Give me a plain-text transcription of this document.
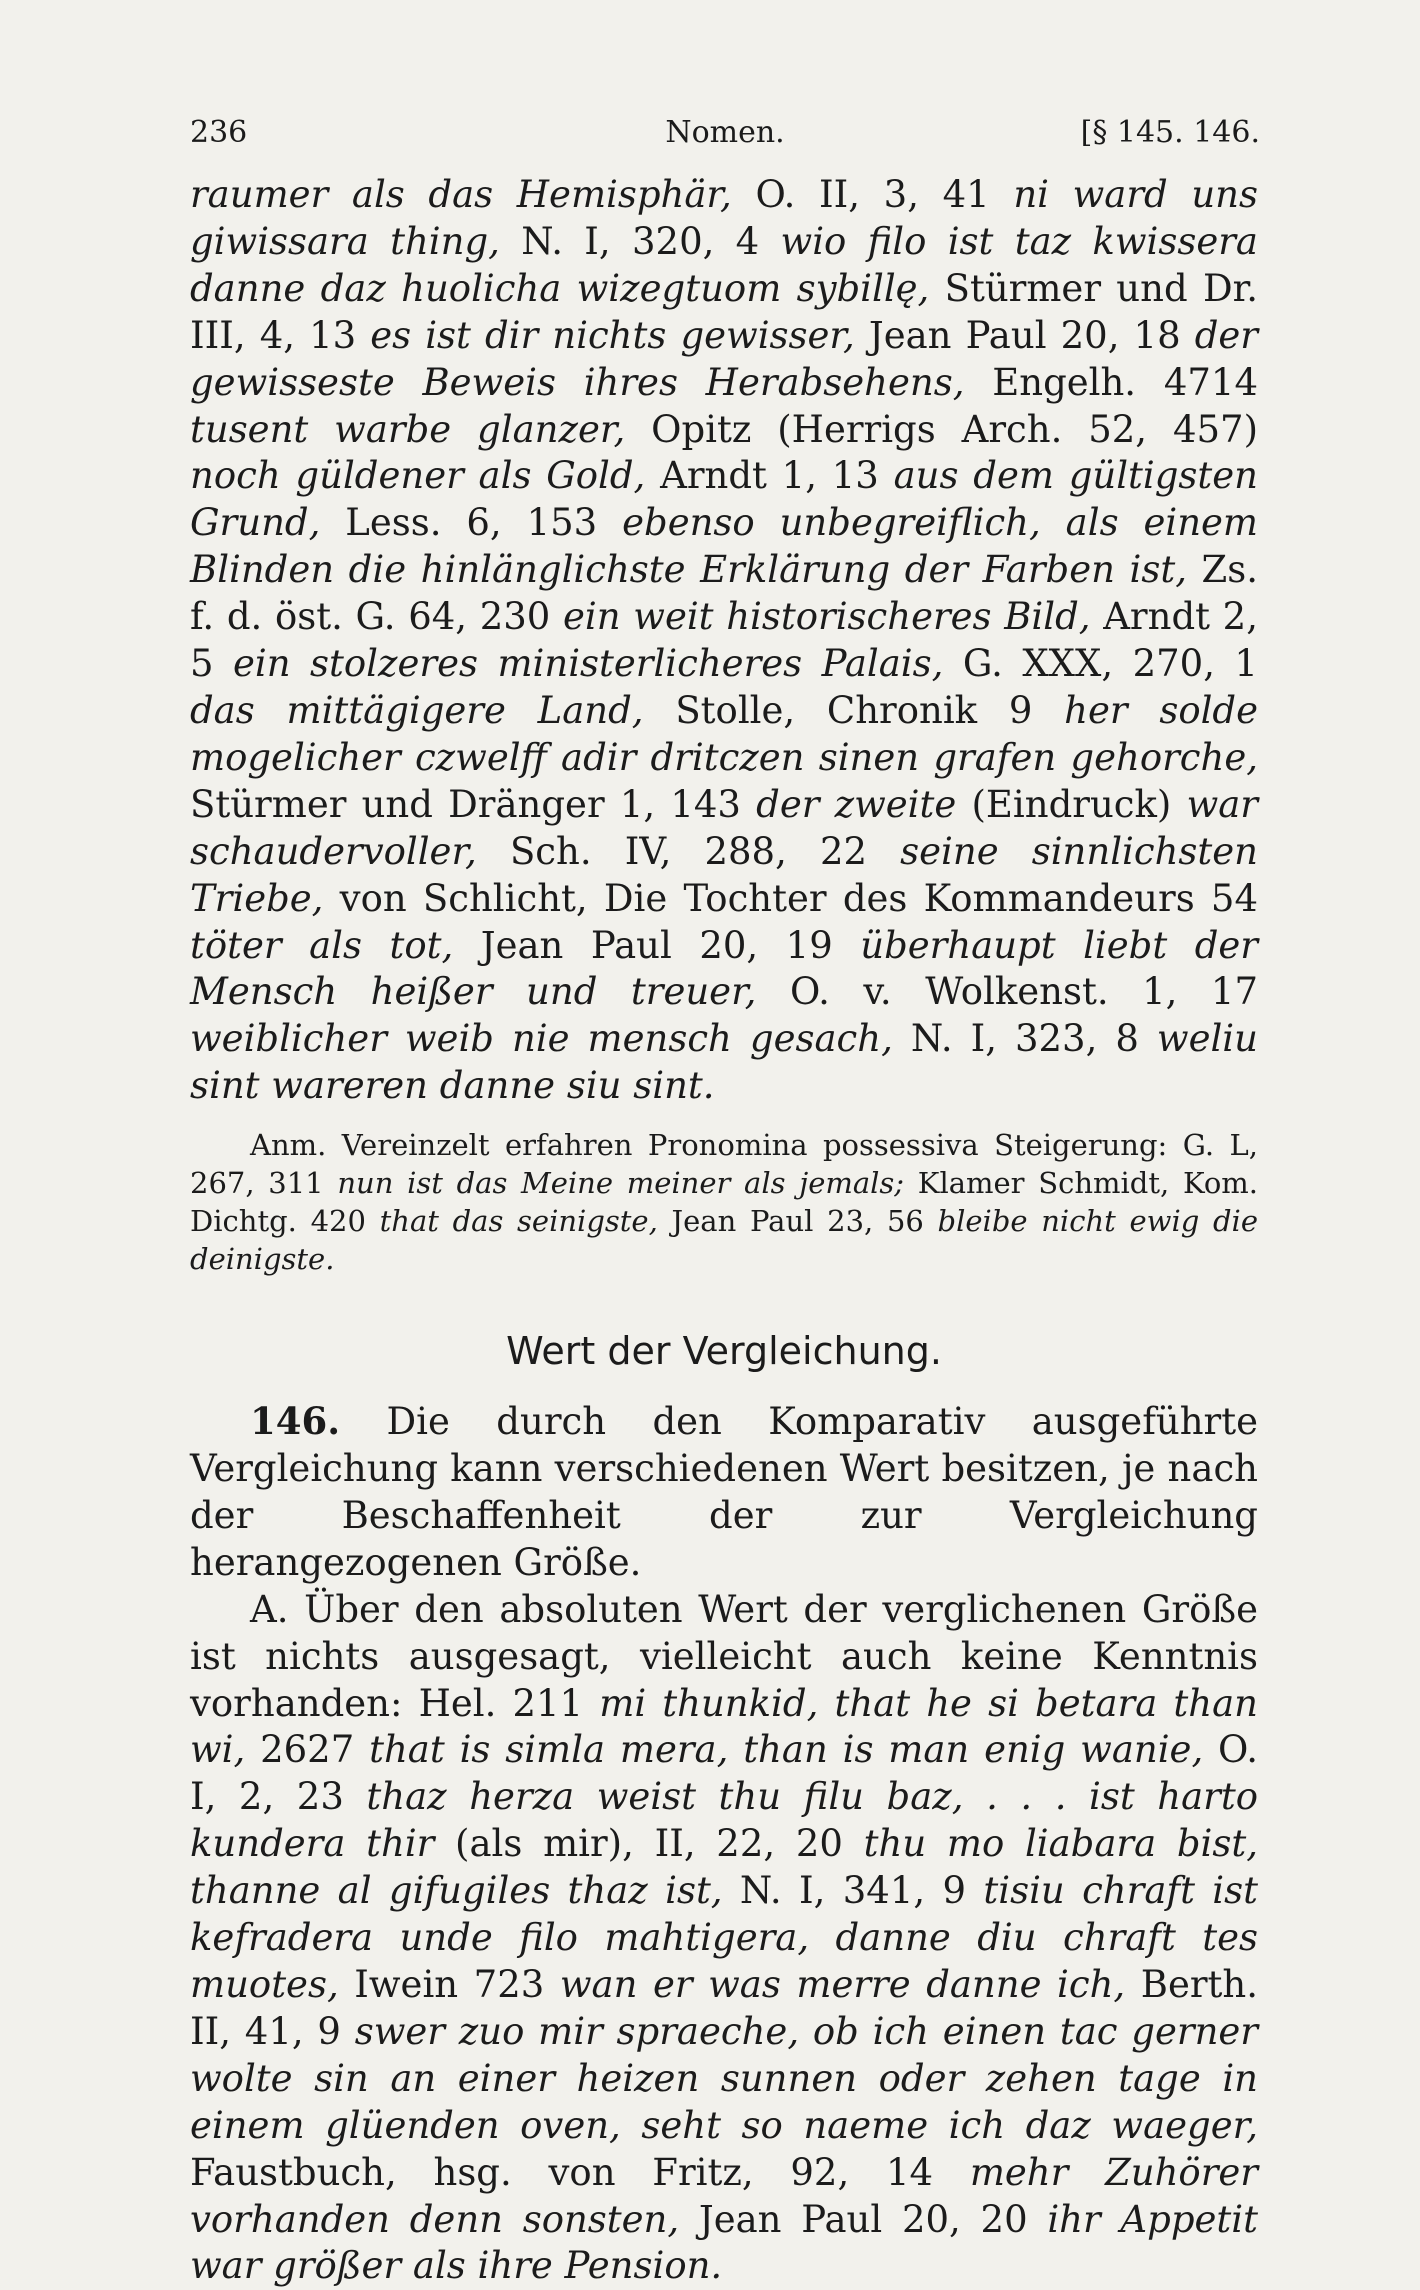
Nomen.
236	[§ 145. 146.

raumer als das Hemisphär, O. II, 3, 41 ni ward uns giwissara thing, N. I, 320, 4 wio filo ist taz kwissera danne daz huolicha wizegtuom sybillę, Stürmer und Dr. III, 4, 13 es ist dir nichts gewisser, Jean Paul 20, 18 der gewisseste Beweis ihres Herabsehens, Engelh. 4714 tusent warbe glanzer, Opitz (Herrigs Arch. 52, 457) noch güldener als Gold, Arndt 1, 13 aus dem gültigsten Grund, Less. 6, 153 ebenso unbegreiflich, als einem Blinden die hinlänglichste Erklärung der Farben ist, Zs. f. d. öst. G. 64, 230 ein weit historischeres Bild, Arndt 2, 5 ein stolzeres ministerlicheres Palais, G. XXX, 270, 1 das mittägigere Land, Stolle, Chronik 9 her solde mogelicher czwelff adir dritczen sinen grafen gehorche, Stürmer und Dränger 1, 143 der zweite (Eindruck) war schaudervoller, Sch. IV, 288, 22 seine sinnlichsten Triebe, von Schlicht, Die Tochter des Kommandeurs 54 töter als tot, Jean Paul 20, 19 überhaupt liebt der Mensch heißer und treuer, O. v. Wolkenst. 1, 17 weiblicher weib nie mensch gesach, N. I, 323, 8 weliu sint wareren danne siu sint.

Anm. Vereinzelt erfahren Pronomina possessiva Steigerung: G. L, 267, 311 nun ist das Meine meiner als jemals; Klamer Schmidt, Kom. Dichtg. 420 that das seinigste, Jean Paul 23, 56 bleibe nicht ewig die deinigste.

Wert der Vergleichung.

146. Die durch den Komparativ ausgeführte Vergleichung kann verschiedenen Wert besitzen, je nach der Beschaffenheit der zur Vergleichung herangezogenen Größe.

A. Über den absoluten Wert der verglichenen Größe ist nichts ausgesagt, vielleicht auch keine Kenntnis vorhanden: Hel. 211 mi thunkid, that he si betara than wi, 2627 that is simla mera, than is man enig wanie, O. I, 2, 23 thaz herza weist thu filu baz, . . . ist harto kundera thir (als mir), II, 22, 20 thu mo liabara bist, thanne al gifugiles thaz ist, N. I, 341, 9 tisiu chraft ist kefradera unde filo mahtigera, danne diu chraft tes muotes, Iwein 723 wan er was merre danne ich, Berth. II, 41, 9 swer zuo mir spraeche, ob ich einen tac gerner wolte sin an einer heizen sunnen oder zehen tage in einem glüenden oven, seht so naeme ich daz waeger, Faustbuch, hsg. von Fritz, 92, 14 mehr Zuhörer vorhanden denn sonsten, Jean Paul 20, 20 ihr Appetit war größer als ihre Pension.
